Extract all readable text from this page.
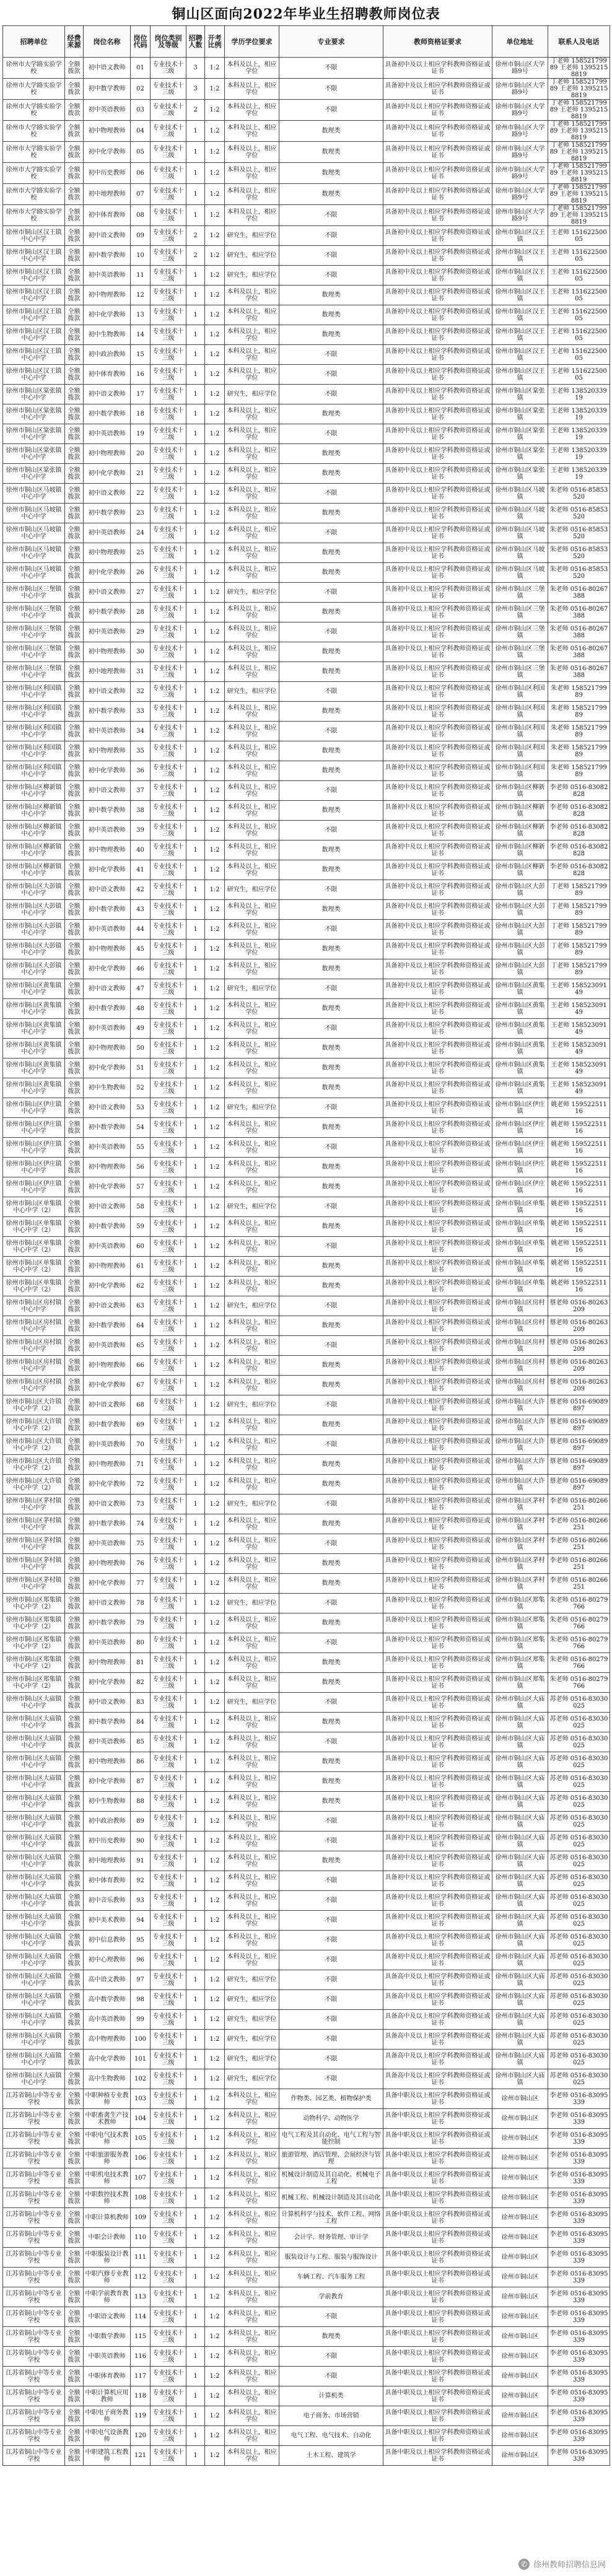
铜山区面向2022年毕业生招聘教师岗位表
招聘单位	经费来源	岗位名称	岗位代码	岗位类别及等级	招聘人数	开考比例	学历学位要求	专业要求	教师资格证要求	单位地址	联系人及电话
徐州市大学路实验学校	全额拨款	初中语文教师	01	专业技术十三级	3	1:2	本科及以上，相应学位	不限	具备初中及以上相应学科教师资格证或证书	徐州市铜山区大学路9号	丁老师 15852179989 王老师 13952158819
徐州市大学路实验学校	全额拨款	初中数学教师	02	专业技术十三级	3	1:2	本科及以上，相应学位	不限	具备初中及以上相应学科教师资格证或证书	徐州市铜山区大学路9号	丁老师 15852179989 王老师 13952158819
徐州市大学路实验学校	全额拨款	初中英语教师	03	专业技术十三级	2	1:2	本科及以上，相应学位	不限	具备初中及以上相应学科教师资格证或证书	徐州市铜山区大学路9号	丁老师 15852179989 王老师 13952158819
徐州市大学路实验学校	全额拨款	初中物理教师	04	专业技术十三级	1	1:2	本科及以上，相应学位	数理类	具备初中及以上相应学科教师资格证或证书	徐州市铜山区大学路9号	丁老师 15852179989 王老师 13952158819
徐州市大学路实验学校	全额拨款	初中化学教师	05	专业技术十三级	1	1:2	本科及以上，相应学位	数理类	具备初中及以上相应学科教师资格证或证书	徐州市铜山区大学路9号	丁老师 15852179989 王老师 13952158819
徐州市大学路实验学校	全额拨款	初中历史教师	06	专业技术十三级	1	1:2	本科及以上，相应学位	数理类	具备初中及以上相应学科教师资格证或证书	徐州市铜山区大学路9号	丁老师 15852179989 王老师 13952158819
徐州市大学路实验学校	全额拨款	初中地理教师	07	专业技术十三级	1	1:2	本科及以上，相应学位	数理类	具备初中及以上相应学科教师资格证或证书	徐州市铜山区大学路9号	丁老师 15852179989 王老师 13952158819
徐州市大学路实验学校	全额拨款	初中体育教师	08	专业技术十三级	1	1:2	本科及以上，相应学位	不限	具备初中及以上相应学科教师资格证或证书	徐州市铜山区大学路9号	丁老师 15852179989 王老师 13952158819
徐州市铜山区汉王镇中心中学	全额拨款	初中语文教师	09	专业技术十三级	2	1:2	研究生，相应学位	不限	具备初中及以上相应学科教师资格证或证书	徐州市铜山区汉王镇	王老师 15162250005
徐州市铜山区汉王镇中心中学	全额拨款	初中数学教师	10	专业技术十三级	2	1:2	研究生，相应学位	不限	具备初中及以上相应学科教师资格证或证书	徐州市铜山区汉王镇	王老师 15162250005
徐州市铜山区汉王镇中心中学	全额拨款	初中英语教师	11	专业技术十三级	1	1:2	研究生，相应学位	不限	具备初中及以上相应学科教师资格证或证书	徐州市铜山区汉王镇	王老师 15162250005
徐州市铜山区汉王镇中心中学	全额拨款	初中物理教师	12	专业技术十三级	1	1:2	本科及以上，相应学位	数理类	具备初中及以上相应学科教师资格证或证书	徐州市铜山区汉王镇	王老师 15162250005
徐州市铜山区汉王镇中心中学	全额拨款	初中化学教师	13	专业技术十三级	1	1:2	本科及以上，相应学位	数理类	具备初中及以上相应学科教师资格证或证书	徐州市铜山区汉王镇	王老师 15162250005
徐州市铜山区汉王镇中心中学	全额拨款	初中生物教师	14	专业技术十三级	1	1:2	本科及以上，相应学位	数理类	具备初中及以上相应学科教师资格证或证书	徐州市铜山区汉王镇	王老师 15162250005
徐州市铜山区汉王镇中心中学	全额拨款	初中政治教师	15	专业技术十三级	1	1:2	本科及以上，相应学位	不限	具备初中及以上相应学科教师资格证或证书	徐州市铜山区汉王镇	王老师 15162250005
徐州市铜山区汉王镇中心中学	全额拨款	初中体育教师	16	专业技术十三级	1	1:2	本科及以上，相应学位	不限	具备初中及以上相应学科教师资格证或证书	徐州市铜山区汉王镇	王老师 15162250005
徐州市铜山区棠张镇中心中学	全额拨款	初中语文教师	17	专业技术十三级	1	1:2	研究生，相应学位	不限	具备初中及以上相应学科教师资格证或证书	徐州市铜山区棠张镇	王老师 13852033919
徐州市铜山区棠张镇中心中学	全额拨款	初中数学教师	18	专业技术十三级	1	1:2	本科及以上，相应学位	数理类	具备初中及以上相应学科教师资格证或证书	徐州市铜山区棠张镇	王老师 13852033919
徐州市铜山区棠张镇中心中学	全额拨款	初中英语教师	19	专业技术十三级	1	1:2	本科及以上，相应学位	不限	具备初中及以上相应学科教师资格证或证书	徐州市铜山区棠张镇	王老师 13852033919
徐州市铜山区棠张镇中心中学	全额拨款	初中物理教师	20	专业技术十三级	1	1:2	本科及以上，相应学位	数理类	具备初中及以上相应学科教师资格证或证书	徐州市铜山区棠张镇	王老师 13852033919
徐州市铜山区棠张镇中心中学	全额拨款	初中化学教师	21	专业技术十三级	1	1:2	本科及以上，相应学位	数理类	具备初中及以上相应学科教师资格证或证书	徐州市铜山区棠张镇	王老师 13852033919
徐州市铜山区马坡镇中心中学	全额拨款	初中语文教师	22	专业技术十三级	1	1:2	本科及以上，相应学位	不限	具备初中及以上相应学科教师资格证或证书	徐州市铜山区马坡镇	朱老师 0516-85853520
徐州市铜山区马坡镇中心中学	全额拨款	初中数学教师	23	专业技术十三级	1	1:2	本科及以上，相应学位	数理类	具备初中及以上相应学科教师资格证或证书	徐州市铜山区马坡镇	朱老师 0516-85853520
徐州市铜山区马坡镇中心中学	全额拨款	初中英语教师	24	专业技术十三级	1	1:2	本科及以上，相应学位	不限	具备初中及以上相应学科教师资格证或证书	徐州市铜山区马坡镇	朱老师 0516-85853520
徐州市铜山区马坡镇中心中学	全额拨款	初中物理教师	25	专业技术十三级	1	1:2	本科及以上，相应学位	数理类	具备初中及以上相应学科教师资格证或证书	徐州市铜山区马坡镇	朱老师 0516-85853520
徐州市铜山区马坡镇中心中学	全额拨款	初中化学教师	26	专业技术十三级	1	1:2	本科及以上，相应学位	数理类	具备初中及以上相应学科教师资格证或证书	徐州市铜山区马坡镇	朱老师 0516-85853520
徐州市铜山区三堡镇中心中学	全额拨款	初中语文教师	27	专业技术十三级	1	1:2	研究生，相应学位	不限	具备初中及以上相应学科教师资格证或证书	徐州市铜山区三堡镇	朱老师 0516-80267388
徐州市铜山区三堡镇中心中学	全额拨款	初中数学教师	28	专业技术十三级	1	1:2	本科及以上，相应学位	数理类	具备初中及以上相应学科教师资格证或证书	徐州市铜山区三堡镇	朱老师 0516-80267388
徐州市铜山区三堡镇中心中学	全额拨款	初中英语教师	29	专业技术十三级	1	1:2	本科及以上，相应学位	不限	具备初中及以上相应学科教师资格证或证书	徐州市铜山区三堡镇	朱老师 0516-80267388
徐州市铜山区三堡镇中心中学	全额拨款	初中物理教师	30	专业技术十三级	1	1:2	本科及以上，相应学位	数理类	具备初中及以上相应学科教师资格证或证书	徐州市铜山区三堡镇	朱老师 0516-80267388
徐州市铜山区三堡镇中心中学	全额拨款	初中地理教师	31	专业技术十三级	1	1:2	本科及以上，相应学位	数理类	具备初中及以上相应学科教师资格证或证书	徐州市铜山区三堡镇	朱老师 0516-80267388
徐州市铜山区利国镇中心中学	全额拨款	初中语文教师	32	专业技术十三级	1	1:2	研究生，相应学位	不限	具备初中及以上相应学科教师资格证或证书	徐州市铜山区利国镇	朱老师 15852179989
徐州市铜山区利国镇中心中学	全额拨款	初中数学教师	33	专业技术十三级	1	1:2	本科及以上，相应学位	数理类	具备初中及以上相应学科教师资格证或证书	徐州市铜山区利国镇	朱老师 15852179989
徐州市铜山区利国镇中心中学	全额拨款	初中英语教师	34	专业技术十三级	1	1:2	本科及以上，相应学位	不限	具备初中及以上相应学科教师资格证或证书	徐州市铜山区利国镇	朱老师 15852179989
徐州市铜山区利国镇中心中学	全额拨款	初中物理教师	35	专业技术十三级	1	1:2	本科及以上，相应学位	数理类	具备初中及以上相应学科教师资格证或证书	徐州市铜山区利国镇	朱老师 15852179989
徐州市铜山区利国镇中心中学	全额拨款	初中化学教师	36	专业技术十三级	1	1:2	本科及以上，相应学位	数理类	具备初中及以上相应学科教师资格证或证书	徐州市铜山区利国镇	朱老师 15852179989
徐州市铜山区柳新镇中心中学	全额拨款	初中语文教师	37	专业技术十三级	1	1:2	本科及以上，相应学位	不限	具备初中及以上相应学科教师资格证或证书	徐州市铜山区柳新镇	李老师 0516-83082828
徐州市铜山区柳新镇中心中学	全额拨款	初中数学教师	38	专业技术十三级	1	1:2	本科及以上，相应学位	数理类	具备初中及以上相应学科教师资格证或证书	徐州市铜山区柳新镇	李老师 0516-83082828
徐州市铜山区柳新镇中心中学	全额拨款	初中英语教师	39	专业技术十三级	1	1:2	本科及以上，相应学位	不限	具备初中及以上相应学科教师资格证或证书	徐州市铜山区柳新镇	李老师 0516-83082828
徐州市铜山区柳新镇中心中学	全额拨款	初中物理教师	40	专业技术十三级	1	1:2	本科及以上，相应学位	数理类	具备初中及以上相应学科教师资格证或证书	徐州市铜山区柳新镇	李老师 0516-83082828
徐州市铜山区柳新镇中心中学	全额拨款	初中化学教师	41	专业技术十三级	1	1:2	本科及以上，相应学位	数理类	具备初中及以上相应学科教师资格证或证书	徐州市铜山区柳新镇	李老师 0516-83082828
徐州市铜山区大彭镇中心中学	全额拨款	初中语文教师	42	专业技术十三级	1	1:2	研究生，相应学位	不限	具备初中及以上相应学科教师资格证或证书	徐州市铜山区大彭镇	丁老师 15852179989
徐州市铜山区大彭镇中心中学	全额拨款	初中数学教师	43	专业技术十三级	1	1:2	本科及以上，相应学位	数理类	具备初中及以上相应学科教师资格证或证书	徐州市铜山区大彭镇	丁老师 15852179989
徐州市铜山区大彭镇中心中学	全额拨款	初中英语教师	44	专业技术十三级	1	1:2	本科及以上，相应学位	不限	具备初中及以上相应学科教师资格证或证书	徐州市铜山区大彭镇	丁老师 15852179989
徐州市铜山区大彭镇中心中学	全额拨款	初中物理教师	45	专业技术十三级	1	1:2	本科及以上，相应学位	数理类	具备初中及以上相应学科教师资格证或证书	徐州市铜山区大彭镇	丁老师 15852179989
徐州市铜山区大彭镇中心中学	全额拨款	初中化学教师	46	专业技术十三级	1	1:2	本科及以上，相应学位	数理类	具备初中及以上相应学科教师资格证或证书	徐州市铜山区大彭镇	丁老师 15852179989
徐州市铜山区黄集镇中心中学	全额拨款	初中语文教师	47	专业技术十三级	1	1:2	研究生，相应学位	不限	具备初中及以上相应学科教师资格证或证书	徐州市铜山区黄集镇	王老师 15852309149
徐州市铜山区黄集镇中心中学	全额拨款	初中数学教师	48	专业技术十三级	1	1:2	本科及以上，相应学位	数理类	具备初中及以上相应学科教师资格证或证书	徐州市铜山区黄集镇	王老师 15852309149
徐州市铜山区黄集镇中心中学	全额拨款	初中英语教师	49	专业技术十三级	1	1:2	本科及以上，相应学位	不限	具备初中及以上相应学科教师资格证或证书	徐州市铜山区黄集镇	王老师 15852309149
徐州市铜山区黄集镇中心中学	全额拨款	初中物理教师	50	专业技术十三级	1	1:2	本科及以上，相应学位	数理类	具备初中及以上相应学科教师资格证或证书	徐州市铜山区黄集镇	王老师 15852309149
徐州市铜山区黄集镇中心中学	全额拨款	初中化学教师	51	专业技术十三级	1	1:2	本科及以上，相应学位	数理类	具备初中及以上相应学科教师资格证或证书	徐州市铜山区黄集镇	王老师 15852309149
徐州市铜山区黄集镇中心中学	全额拨款	初中生物教师	52	专业技术十三级	1	1:2	本科及以上，相应学位	数理类	具备初中及以上相应学科教师资格证或证书	徐州市铜山区黄集镇	王老师 15852309149
徐州市铜山区伊庄镇中心中学	全额拨款	初中语文教师	53	专业技术十三级	1	1:2	研究生，相应学位	不限	具备初中及以上相应学科教师资格证或证书	徐州市铜山区伊庄镇	姚老师 15952251116
徐州市铜山区伊庄镇中心中学	全额拨款	初中数学教师	54	专业技术十三级	1	1:2	本科及以上，相应学位	数理类	具备初中及以上相应学科教师资格证或证书	徐州市铜山区伊庄镇	姚老师 15952251116
徐州市铜山区伊庄镇中心中学	全额拨款	初中英语教师	55	专业技术十三级	1	1:2	本科及以上，相应学位	不限	具备初中及以上相应学科教师资格证或证书	徐州市铜山区伊庄镇	姚老师 15952251116
徐州市铜山区伊庄镇中心中学	全额拨款	初中物理教师	56	专业技术十三级	1	1:2	本科及以上，相应学位	数理类	具备初中及以上相应学科教师资格证或证书	徐州市铜山区伊庄镇	姚老师 15952251116
徐州市铜山区伊庄镇中心中学	全额拨款	初中化学教师	57	专业技术十三级	1	1:2	本科及以上，相应学位	数理类	具备初中及以上相应学科教师资格证或证书	徐州市铜山区伊庄镇	姚老师 15952251116
徐州市铜山区单集镇中心中学（2）	全额拨款	初中语文教师	58	专业技术十三级	1	1:2	研究生，相应学位	不限	具备初中及以上相应学科教师资格证或证书	徐州市铜山区单集镇	姚老师 15952251116
徐州市铜山区单集镇中心中学（2）	全额拨款	初中数学教师	59	专业技术十三级	1	1:2	本科及以上，相应学位	数理类	具备初中及以上相应学科教师资格证或证书	徐州市铜山区单集镇	姚老师 15952251116
徐州市铜山区单集镇中心中学（2）	全额拨款	初中英语教师	60	专业技术十三级	1	1:2	本科及以上，相应学位	不限	具备初中及以上相应学科教师资格证或证书	徐州市铜山区单集镇	姚老师 15952251116
徐州市铜山区单集镇中心中学（2）	全额拨款	初中物理教师	61	专业技术十三级	1	1:2	本科及以上，相应学位	数理类	具备初中及以上相应学科教师资格证或证书	徐州市铜山区单集镇	姚老师 15952251116
徐州市铜山区单集镇中心中学（2）	全额拨款	初中化学教师	62	专业技术十三级	1	1:2	本科及以上，相应学位	数理类	具备初中及以上相应学科教师资格证或证书	徐州市铜山区单集镇	姚老师 15952251116
徐州市铜山区房村镇中心中学	全额拨款	初中语文教师	63	专业技术十三级	1	1:2	研究生，相应学位	不限	具备初中及以上相应学科教师资格证或证书	徐州市铜山区房村镇	蔡老师 0516-80263209
徐州市铜山区房村镇中心中学	全额拨款	初中数学教师	64	专业技术十三级	1	1:2	本科及以上，相应学位	数理类	具备初中及以上相应学科教师资格证或证书	徐州市铜山区房村镇	蔡老师 0516-80263209
徐州市铜山区房村镇中心中学	全额拨款	初中英语教师	65	专业技术十三级	1	1:2	本科及以上，相应学位	不限	具备初中及以上相应学科教师资格证或证书	徐州市铜山区房村镇	蔡老师 0516-80263209
徐州市铜山区房村镇中心中学	全额拨款	初中物理教师	66	专业技术十三级	1	1:2	本科及以上，相应学位	数理类	具备初中及以上相应学科教师资格证或证书	徐州市铜山区房村镇	蔡老师 0516-80263209
徐州市铜山区房村镇中心中学	全额拨款	初中化学教师	67	专业技术十三级	1	1:2	本科及以上，相应学位	数理类	具备初中及以上相应学科教师资格证或证书	徐州市铜山区房村镇	蔡老师 0516-80263209
徐州市铜山区大许镇中心中学（2）	全额拨款	初中语文教师	68	专业技术十三级	1	1:2	研究生，相应学位	不限	具备初中及以上相应学科教师资格证或证书	徐州市铜山区大许镇	蔡老师 0516-69089897
徐州市铜山区大许镇中心中学（2）	全额拨款	初中数学教师	69	专业技术十三级	1	1:2	本科及以上，相应学位	数理类	具备初中及以上相应学科教师资格证或证书	徐州市铜山区大许镇	蔡老师 0516-69089897
徐州市铜山区大许镇中心中学（2）	全额拨款	初中英语教师	70	专业技术十三级	1	1:2	本科及以上，相应学位	不限	具备初中及以上相应学科教师资格证或证书	徐州市铜山区大许镇	蔡老师 0516-69089897
徐州市铜山区大许镇中心中学（2）	全额拨款	初中物理教师	71	专业技术十三级	1	1:2	本科及以上，相应学位	数理类	具备初中及以上相应学科教师资格证或证书	徐州市铜山区大许镇	蔡老师 0516-69089897
徐州市铜山区大许镇中心中学（2）	全额拨款	初中化学教师	72	专业技术十三级	1	1:2	本科及以上，相应学位	数理类	具备初中及以上相应学科教师资格证或证书	徐州市铜山区大许镇	蔡老师 0516-69089897
徐州市铜山区茅村镇中心中学	全额拨款	初中语文教师	73	专业技术十三级	1	1:2	研究生，相应学位	不限	具备初中及以上相应学科教师资格证或证书	徐州市铜山区茅村镇	李老师 0516-80266251
徐州市铜山区茅村镇中心中学	全额拨款	初中数学教师	74	专业技术十三级	1	1:2	本科及以上，相应学位	数理类	具备初中及以上相应学科教师资格证或证书	徐州市铜山区茅村镇	李老师 0516-80266251
徐州市铜山区茅村镇中心中学	全额拨款	初中英语教师	75	专业技术十三级	1	1:2	本科及以上，相应学位	不限	具备初中及以上相应学科教师资格证或证书	徐州市铜山区茅村镇	李老师 0516-80266251
徐州市铜山区茅村镇中心中学	全额拨款	初中物理教师	76	专业技术十三级	1	1:2	本科及以上，相应学位	数理类	具备初中及以上相应学科教师资格证或证书	徐州市铜山区茅村镇	李老师 0516-80266251
徐州市铜山区茅村镇中心中学	全额拨款	初中化学教师	77	专业技术十三级	1	1:2	本科及以上，相应学位	数理类	具备初中及以上相应学科教师资格证或证书	徐州市铜山区茅村镇	李老师 0516-80266251
徐州市铜山区郑集镇中心中学（2）	全额拨款	初中语文教师	78	专业技术十三级	1	1:2	研究生，相应学位	不限	具备初中及以上相应学科教师资格证或证书	徐州市铜山区郑集镇	朱老师 0516-80279766
徐州市铜山区郑集镇中心中学（2）	全额拨款	初中数学教师	79	专业技术十三级	1	1:2	本科及以上，相应学位	数理类	具备初中及以上相应学科教师资格证或证书	徐州市铜山区郑集镇	朱老师 0516-80279766
徐州市铜山区郑集镇中心中学（2）	全额拨款	初中英语教师	80	专业技术十三级	1	1:2	本科及以上，相应学位	不限	具备初中及以上相应学科教师资格证或证书	徐州市铜山区郑集镇	朱老师 0516-80279766
徐州市铜山区郑集镇中心中学（2）	全额拨款	初中物理教师	81	专业技术十三级	1	1:2	本科及以上，相应学位	数理类	具备初中及以上相应学科教师资格证或证书	徐州市铜山区郑集镇	朱老师 0516-80279766
徐州市铜山区郑集镇中心中学（2）	全额拨款	初中化学教师	82	专业技术十三级	1	1:2	本科及以上，相应学位	数理类	具备初中及以上相应学科教师资格证或证书	徐州市铜山区郑集镇	朱老师 0516-80279766
徐州市铜山区大庙镇中心中学	全额拨款	初中语文教师	83	专业技术十三级	1	1:2	研究生，相应学位	不限	具备初中及以上相应学科教师资格证或证书	徐州市铜山区大庙镇	苏老师 0516-83030025
徐州市铜山区大庙镇中心中学	全额拨款	初中数学教师	84	专业技术十三级	1	1:2	本科及以上，相应学位	数理类	具备初中及以上相应学科教师资格证或证书	徐州市铜山区大庙镇	苏老师 0516-83030025
徐州市铜山区大庙镇中心中学	全额拨款	初中英语教师	85	专业技术十三级	1	1:2	本科及以上，相应学位	不限	具备初中及以上相应学科教师资格证或证书	徐州市铜山区大庙镇	苏老师 0516-83030025
徐州市铜山区大庙镇中心中学	全额拨款	初中物理教师	86	专业技术十三级	1	1:2	本科及以上，相应学位	数理类	具备初中及以上相应学科教师资格证或证书	徐州市铜山区大庙镇	苏老师 0516-83030025
徐州市铜山区大庙镇中心中学	全额拨款	初中化学教师	87	专业技术十三级	1	1:2	本科及以上，相应学位	数理类	具备初中及以上相应学科教师资格证或证书	徐州市铜山区大庙镇	苏老师 0516-83030025
徐州市铜山区大庙镇中心中学	全额拨款	初中生物教师	88	专业技术十三级	1	1:2	本科及以上，相应学位	数理类	具备初中及以上相应学科教师资格证或证书	徐州市铜山区大庙镇	苏老师 0516-83030025
徐州市铜山区大庙镇中心中学	全额拨款	初中政治教师	89	专业技术十三级	1	1:2	本科及以上，相应学位	不限	具备初中及以上相应学科教师资格证或证书	徐州市铜山区大庙镇	苏老师 0516-83030025
徐州市铜山区大庙镇中心中学	全额拨款	初中历史教师	90	专业技术十三级	1	1:2	本科及以上，相应学位	不限	具备初中及以上相应学科教师资格证或证书	徐州市铜山区大庙镇	苏老师 0516-83030025
徐州市铜山区大庙镇中心中学	全额拨款	初中地理教师	91	专业技术十三级	1	1:2	本科及以上，相应学位	数理类	具备初中及以上相应学科教师资格证或证书	徐州市铜山区大庙镇	苏老师 0516-83030025
徐州市铜山区大庙镇中心中学	全额拨款	初中体育教师	92	专业技术十三级	1	1:2	本科及以上，相应学位	不限	具备初中及以上相应学科教师资格证或证书	徐州市铜山区大庙镇	苏老师 0516-83030025
徐州市铜山区大庙镇中心中学	全额拨款	初中音乐教师	93	专业技术十三级	1	1:2	本科及以上，相应学位	不限	具备初中及以上相应学科教师资格证或证书	徐州市铜山区大庙镇	苏老师 0516-83030025
徐州市铜山区大庙镇中心中学	全额拨款	初中美术教师	94	专业技术十三级	1	1:2	本科及以上，相应学位	不限	具备初中及以上相应学科教师资格证或证书	徐州市铜山区大庙镇	苏老师 0516-83030025
徐州市铜山区大庙镇中心中学	全额拨款	初中信息教师	95	专业技术十三级	1	1:2	本科及以上，相应学位	不限	具备初中及以上相应学科教师资格证或证书	徐州市铜山区大庙镇	苏老师 0516-83030025
徐州市铜山区大庙镇中心中学	全额拨款	初中心理教师	96	专业技术十三级	1	1:2	本科及以上，相应学位	不限	具备初中及以上相应学科教师资格证或证书	徐州市铜山区大庙镇	苏老师 0516-83030025
徐州市铜山区大庙镇中心中学	全额拨款	高中语文教师	97	专业技术十三级	1	1:2	研究生，相应学位	不限	具备高中及以上相应学科教师资格证或证书	徐州市铜山区大庙镇	苏老师 0516-83030025
徐州市铜山区大庙镇中心中学	全额拨款	高中数学教师	98	专业技术十三级	1	1:2	研究生，相应学位	不限	具备高中及以上相应学科教师资格证或证书	徐州市铜山区大庙镇	苏老师 0516-83030025
徐州市铜山区大庙镇中心中学	全额拨款	高中英语教师	99	专业技术十三级	1	1:2	研究生，相应学位	不限	具备高中及以上相应学科教师资格证或证书	徐州市铜山区大庙镇	苏老师 0516-83030025
徐州市铜山区大庙镇中心中学	全额拨款	高中物理教师	100	专业技术十三级	1	1:2	研究生，相应学位	不限	具备高中及以上相应学科教师资格证或证书	徐州市铜山区大庙镇	苏老师 0516-83030025
徐州市铜山区大庙镇中心中学	全额拨款	高中化学教师	101	专业技术十三级	1	1:2	研究生，相应学位	不限	具备高中及以上相应学科教师资格证或证书	徐州市铜山区大庙镇	苏老师 0516-83030025
徐州市铜山区大庙镇中心中学	全额拨款	高中生物教师	102	专业技术十三级	1	1:2	研究生，相应学位	不限	具备高中及以上相应学科教师资格证或证书	徐州市铜山区大庙镇	苏老师 0516-83030025
江苏省铜山中等专业学校	全额拨款	中职种植专业教师	103	专业技术十三级	1	1:2	本科及以上，相应学位	作物类、园艺类、植物保护类	具备中职及以上相应学科教师资格证或证书	徐州市铜山区	李老师 0516-83095339
江苏省铜山中等专业学校	全额拨款	中职畜禽生产技术教师	104	专业技术十三级	1	1:2	本科及以上，相应学位	动物科学、动物医学	具备中职及以上相应学科教师资格证或证书	徐州市铜山区	李老师 0516-83095339
江苏省铜山中等专业学校	全额拨款	中职电气技术教师	105	专业技术十三级	1	1:2	本科及以上，相应学位	电气工程及其自动化、电气工程与智能控制	具备中职及以上相应学科教师资格证或证书	徐州市铜山区	李老师 0516-83095339
江苏省铜山中等专业学校	全额拨款	中职旅游服务教师	106	专业技术十三级	1	1:2	本科及以上，相应学位	旅游管理、酒店管理、会展经济与管理	具备中职及以上相应学科教师资格证或证书	徐州市铜山区	李老师 0516-83095339
江苏省铜山中等专业学校	全额拨款	中职机电技术教师	107	专业技术十三级	1	1:2	本科及以上，相应学位	机械设计制造及其自动化、机械电子工程	具备中职及以上相应学科教师资格证或证书	徐州市铜山区	李老师 0516-83095339
江苏省铜山中等专业学校	全额拨款	中职数控技术教师	108	专业技术十三级	1	1:2	本科及以上，相应学位	机械工程、机械设计制造及其自动化	具备中职及以上相应学科教师资格证或证书	徐州市铜山区	李老师 0516-83095339
江苏省铜山中等专业学校	全额拨款	中职计算机教师	109	专业技术十三级	1	1:2	本科及以上，相应学位	计算机科学与技术、软件工程、网络工程	具备中职及以上相应学科教师资格证或证书	徐州市铜山区	李老师 0516-83095339
江苏省铜山中等专业学校	全额拨款	中职会计教师	110	专业技术十三级	1	1:2	本科及以上，相应学位	会计学、财务管理、审计学	具备中职及以上相应学科教师资格证或证书	徐州市铜山区	李老师 0516-83095339
江苏省铜山中等专业学校	全额拨款	中职服装设计教师	111	专业技术十三级	1	1:2	本科及以上，相应学位	服装设计与工程、服装与服饰设计	具备中职及以上相应学科教师资格证或证书	徐州市铜山区	李老师 0516-83095339
江苏省铜山中等专业学校	全额拨款	中职汽修专业教师	112	专业技术十三级	1	1:2	本科及以上，相应学位	车辆工程、汽车服务工程	具备中职及以上相应学科教师资格证或证书	徐州市铜山区	李老师 0516-83095339
江苏省铜山中等专业学校	全额拨款	中职学前教育教师	113	专业技术十三级	1	1:2	本科及以上，相应学位	学前教育	具备中职及以上相应学科教师资格证或证书	徐州市铜山区	李老师 0516-83095339
江苏省铜山中等专业学校	全额拨款	中职语文教师	114	专业技术十三级	1	1:2	本科及以上，相应学位	不限	具备中职及以上相应学科教师资格证或证书	徐州市铜山区	李老师 0516-83095339
江苏省铜山中等专业学校	全额拨款	中职数学教师	115	专业技术十三级	1	1:2	本科及以上，相应学位	数理类	具备中职及以上相应学科教师资格证或证书	徐州市铜山区	李老师 0516-83095339
江苏省铜山中等专业学校	全额拨款	中职英语教师	116	专业技术十三级	1	1:2	本科及以上，相应学位	不限	具备中职及以上相应学科教师资格证或证书	徐州市铜山区	李老师 0516-83095339
江苏省铜山中等专业学校	全额拨款	中职体育教师	117	专业技术十三级	1	1:2	本科及以上，相应学位	不限	具备中职及以上相应学科教师资格证或证书	徐州市铜山区	李老师 0516-83095339
江苏省铜山中等专业学校	全额拨款	中职计算机应用教师	118	专业技术十三级	1	1:2	本科及以上，相应学位	计算机类	具备中职及以上相应学科教师资格证或证书	徐州市铜山区	李老师 0516-83095339
江苏省铜山中等专业学校	全额拨款	中职电子商务教师	119	专业技术十三级	1	1:2	本科及以上，相应学位	电子商务、市场营销	具备中职及以上相应学科教师资格证或证书	徐州市铜山区	李老师 0516-83095339
江苏省铜山中等专业学校	全额拨款	中职电气设备教师	120	专业技术十三级	1	1:2	本科及以上，相应学位	电气工程、电气技术、自动化	具备中职及以上相应学科教师资格证或证书	徐州市铜山区	李老师 0516-83095339
江苏省铜山中等专业学校	全额拨款	中职建筑工程教师	121	专业技术十三级	1	1:2	本科及以上，相应学位	土木工程、建筑学	具备中职及以上相应学科教师资格证或证书	徐州市铜山区	李老师 0516-83095339
✆ 徐州教师招聘信息网
